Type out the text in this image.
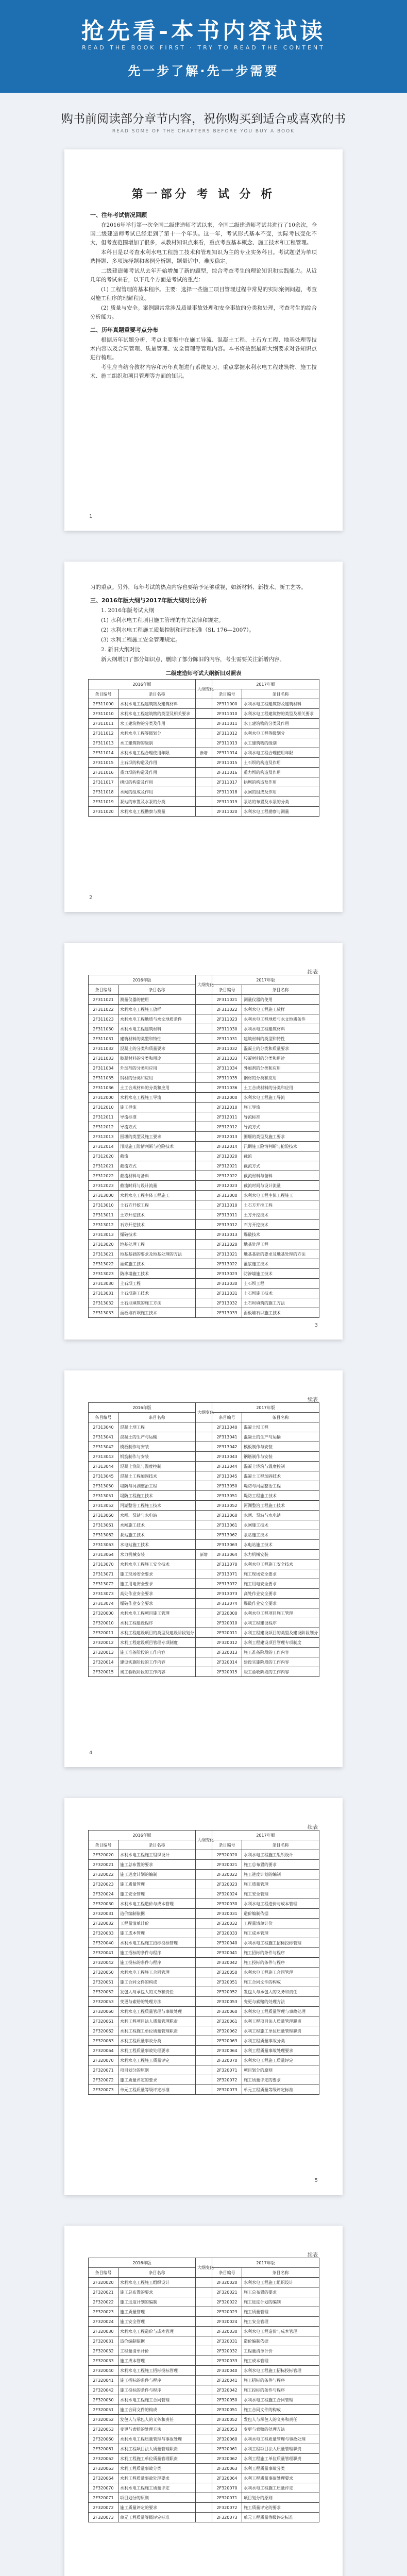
抢先看-本书内容试读
READ THE BOOK FIRST · TRY TO READ THE CONTENT
先一步了解·先一步需要
购书前阅读部分章节内容，祝你购买到适合或喜欢的书
READ SOME OF THE CHAPTERS BEFORE YOU BUY A BOOK
第一部分 考 试 分 析
一、往年考试情况回顾

在2016年举行第一次全国二级建造师考试以来，全国二级建造师考试共进行了10余次，全国二级建造师考试已经走到了第十一个年头。这一年，考试形式基本不变，实际考试变化不大，但考查范围增加了很多，从教材知识点来看，重点考查基本概念、施工技术和工程管理。

本科目是以考查水利水电工程施工技术和管理知识为主的专业实务科目。考试题型为单项选择题、多项选择题和案例分析题，题量适中，难度稳定。

二级建造师考试从去年开始增加了新的题型，综合考查考生的理论知识和实践能力。从近几年的考试来看，以下几个方面是考试的重点：

(1) 工程管理的基本程序。主要：选择一些施工项目管理过程中常见的实际案例问题，考查对施工程序的理解程度。

(2) 质量与安全。案例题常常涉及质量事故处理和安全事故的分类和处理，考查考生的综合分析能力。

二、历年真题重要考点分布

根据历年试题分析，考点主要集中在施工导流、混凝土工程、土石方工程、地基处理等技术内容以及合同管理、质量管理、安全管理等管理内容。本书将按照最新大纲要求对各知识点进行梳理。

考生应当结合教材内容和历年真题进行系统复习，重点掌握水利水电工程建筑物、施工技术、施工组织和项目管理等方面的知识。

1

习的重点。另外，每年考试的热点内容也要给予足够重视，如新材料、新技术、新工艺等。

三、2016年版大纲与2017年版大纲对比分析

1. 2016年版考试大纲

(1) 水利水电工程项目施工管理的有关法律和规定。

(2) 水利水电工程施工质量控制和评定标准（SL 176—2007）。

(3) 水利工程施工安全管理规定。

2. 新旧大纲对比

新大纲增加了部分知识点，删除了部分陈旧的内容，考生需要关注新增内容。

二级建造师考试大纲新旧对照表
2016年版		大纲变化	2017年版	
条目编号	条目名称		条目编号	条目名称
2F311000	水利水电工程建筑物及建筑材料		2F311000	水利水电工程建筑物及建筑材料
2F311010	水利水电工程建筑物的类型及相关要求		2F311010	水利水电工程建筑物的类型及相关要求
2F311011	水工建筑物的分类及作用		2F311011	水工建筑物的分类及作用
2F311012	水利水电工程等级划分		2F311012	水利水电工程等级划分
2F311013	水工建筑物的级别		2F311013	水工建筑物的级别
2F311014	水利水电工程合理使用年限	新增	2F311014	水利水电工程合理使用年限
2F311015	土石坝的构造及作用		2F311015	土石坝的构造及作用
2F311016	重力坝的构造及作用		2F311016	重力坝的构造及作用
2F311017	拱坝的构造及作用		2F311017	拱坝的构造及作用
2F311018	水闸的组成及作用		2F311018	水闸的组成及作用
2F311019	泵站的布置及水泵的分类		2F311019	泵站的布置及水泵的分类
2F311020	水利水电工程勘察与测量		2F311020	水利水电工程勘察与测量
2
续表
2016年版		大纲变化	2017年版	
条目编号	条目名称		条目编号	条目名称
2F311021	测量仪器的使用		2F311021	测量仪器的使用
2F311022	水利水电工程施工放样		2F311022	水利水电工程施工放样
2F311023	水利水电工程地质与水文地质条件		2F311023	水利水电工程地质与水文地质条件
2F311030	水利水电工程建筑材料		2F311030	水利水电工程建筑材料
2F311031	建筑材料的类型和特性		2F311031	建筑材料的类型和特性
2F311032	混凝土的分类和质量要求		2F311032	混凝土的分类和质量要求
2F311033	胶凝材料的分类和用途		2F311033	胶凝材料的分类和用途
2F311034	外加剂的分类和应用		2F311034	外加剂的分类和应用
2F311035	钢材的分类和应用		2F311035	钢材的分类和应用
2F311036	土工合成材料的分类和应用		2F311036	土工合成材料的分类和应用
2F312000	水利水电工程施工导流		2F312000	水利水电工程施工导流
2F312010	施工导流		2F312010	施工导流
2F312011	导流标准		2F312011	导流标准
2F312012	导流方式		2F312012	导流方式
2F312013	围堰的类型及施工要求		2F312013	围堰的类型及施工要求
2F312014	汛期施工险情判断与抢险技术		2F312014	汛期施工险情判断与抢险技术
2F312020	截流		2F312020	截流
2F312021	截流方式		2F312021	截流方式
2F312022	截流材料与备料		2F312022	截流材料与备料
2F312023	截流时间与设计流量		2F312023	截流时间与设计流量
2F313000	水利水电工程主体工程施工		2F313000	水利水电工程主体工程施工
2F313010	土石方开挖工程		2F313010	土石方开挖工程
2F313011	土方开挖技术		2F313011	土方开挖技术
2F313012	石方开挖技术		2F313012	石方开挖技术
2F313013	爆破技术		2F313013	爆破技术
2F313020	地基处理工程		2F313020	地基处理工程
2F313021	地基基础的要求及地基处理的方法		2F313021	地基基础的要求及地基处理的方法
2F313022	灌浆施工技术		2F313022	灌浆施工技术
2F313023	防渗墙施工技术		2F313023	防渗墙施工技术
2F313030	土石坝工程		2F313030	土石坝工程
2F313031	土石坝施工技术		2F313031	土石坝施工技术
2F313032	土石坝填筑的施工方法		2F313032	土石坝填筑的施工方法
2F313033	面板堆石坝施工技术		2F313033	面板堆石坝施工技术
3
续表
2016年版		大纲变化	2017年版	
条目编号	条目名称		条目编号	条目名称
2F313040	混凝土坝工程		2F313040	混凝土坝工程
2F313041	混凝土的生产与运输		2F313041	混凝土的生产与运输
2F313042	模板制作与安装		2F313042	模板制作与安装
2F313043	钢筋制作与安装		2F313043	钢筋制作与安装
2F313044	混凝土浇筑与温度控制		2F313044	混凝土浇筑与温度控制
2F313045	混凝土工程加固技术		2F313045	混凝土工程加固技术
2F313050	堤防与河湖整治工程		2F313050	堤防与河湖整治工程
2F313051	堤防工程施工技术		2F313051	堤防工程施工技术
2F313052	河湖整治工程施工技术		2F313052	河湖整治工程施工技术
2F313060	水闸、泵站与水电站		2F313060	水闸、泵站与水电站
2F313061	水闸施工技术		2F313061	水闸施工技术
2F313062	泵站施工技术		2F313062	泵站施工技术
2F313063	水电站施工技术		2F313063	水电站施工技术
2F313064	水力机械安装	新增	2F313064	水力机械安装
2F313070	水利水电工程施工安全技术		2F313070	水利水电工程施工安全技术
2F313071	施工现场安全要求		2F313071	施工现场安全要求
2F313072	施工用电安全要求		2F313072	施工用电安全要求
2F313073	高处作业安全要求		2F313073	高处作业安全要求
2F313074	爆破作业安全要求		2F313074	爆破作业安全要求
2F320000	水利水电工程项目施工管理		2F320000	水利水电工程项目施工管理
2F320010	水利工程建设程序		2F320010	水利工程建设程序
2F320011	水利工程建设项目的类型及建设阶段划分		2F320011	水利工程建设项目的类型及建设阶段划分
2F320012	水利工程建设项目管理专项制度		2F320012	水利工程建设项目管理专项制度
2F320013	施工准备阶段的工作内容		2F320013	施工准备阶段的工作内容
2F320014	建设实施阶段的工作内容		2F320014	建设实施阶段的工作内容
2F320015	竣工验收阶段的工作内容		2F320015	竣工验收阶段的工作内容
4
续表
2016年版		大纲变化	2017年版	
条目编号	条目名称		条目编号	条目名称
2F320020	水利水电工程施工组织设计		2F320020	水利水电工程施工组织设计
2F320021	施工总布置的要求		2F320021	施工总布置的要求
2F320022	施工进度计划的编制		2F320022	施工进度计划的编制
2F320023	施工质量管理		2F320023	施工质量管理
2F320024	施工安全管理		2F320024	施工安全管理
2F320030	水利水电工程造价与成本管理		2F320030	水利水电工程造价与成本管理
2F320031	造价编制依据		2F320031	造价编制依据
2F320032	工程量清单计价		2F320032	工程量清单计价
2F320033	施工成本管理		2F320033	施工成本管理
2F320040	水利水电工程施工招标投标管理		2F320040	水利水电工程施工招标投标管理
2F320041	施工招标的条件与程序		2F320041	施工招标的条件与程序
2F320042	施工投标的条件与程序		2F320042	施工投标的条件与程序
2F320050	水利水电工程施工合同管理		2F320050	水利水电工程施工合同管理
2F320051	施工合同文件的构成		2F320051	施工合同文件的构成
2F320052	发包人与承包人的义务和责任		2F320052	发包人与承包人的义务和责任
2F320053	变更与索赔的处理方法		2F320053	变更与索赔的处理方法
2F320060	水利水电工程质量管理与事故处理		2F320060	水利水电工程质量管理与事故处理
2F320061	水利工程项目法人质量管理职责		2F320061	水利工程项目法人质量管理职责
2F320062	水利工程施工单位质量管理职责		2F320062	水利工程施工单位质量管理职责
2F320063	水利工程质量事故分类		2F320063	水利工程质量事故分类
2F320064	水利工程质量事故处理要求		2F320064	水利工程质量事故处理要求
2F320070	水利水电工程施工质量评定		2F320070	水利水电工程施工质量评定
2F320071	项目划分的原则		2F320071	项目划分的原则
2F320072	施工质量评定的要求		2F320072	施工质量评定的要求
2F320073	单元工程质量等级评定标准		2F320073	单元工程质量等级评定标准
5
续表
2016年版		大纲变化	2017年版	
条目编号	条目名称		条目编号	条目名称
2F320020	水利水电工程施工组织设计		2F320020	水利水电工程施工组织设计
2F320021	施工总布置的要求		2F320021	施工总布置的要求
2F320022	施工进度计划的编制		2F320022	施工进度计划的编制
2F320023	施工质量管理		2F320023	施工质量管理
2F320024	施工安全管理		2F320024	施工安全管理
2F320030	水利水电工程造价与成本管理		2F320030	水利水电工程造价与成本管理
2F320031	造价编制依据		2F320031	造价编制依据
2F320032	工程量清单计价		2F320032	工程量清单计价
2F320033	施工成本管理		2F320033	施工成本管理
2F320040	水利水电工程施工招标投标管理		2F320040	水利水电工程施工招标投标管理
2F320041	施工招标的条件与程序		2F320041	施工招标的条件与程序
2F320042	施工投标的条件与程序		2F320042	施工投标的条件与程序
2F320050	水利水电工程施工合同管理		2F320050	水利水电工程施工合同管理
2F320051	施工合同文件的构成		2F320051	施工合同文件的构成
2F320052	发包人与承包人的义务和责任		2F320052	发包人与承包人的义务和责任
2F320053	变更与索赔的处理方法		2F320053	变更与索赔的处理方法
2F320060	水利水电工程质量管理与事故处理		2F320060	水利水电工程质量管理与事故处理
2F320061	水利工程项目法人质量管理职责		2F320061	水利工程项目法人质量管理职责
2F320062	水利工程施工单位质量管理职责		2F320062	水利工程施工单位质量管理职责
2F320063	水利工程质量事故分类		2F320063	水利工程质量事故分类
2F320064	水利工程质量事故处理要求		2F320064	水利工程质量事故处理要求
2F320070	水利水电工程施工质量评定		2F320070	水利水电工程施工质量评定
2F320071	项目划分的原则		2F320071	项目划分的原则
2F320072	施工质量评定的要求		2F320072	施工质量评定的要求
2F320073	单元工程质量等级评定标准		2F320073	单元工程质量等级评定标准
